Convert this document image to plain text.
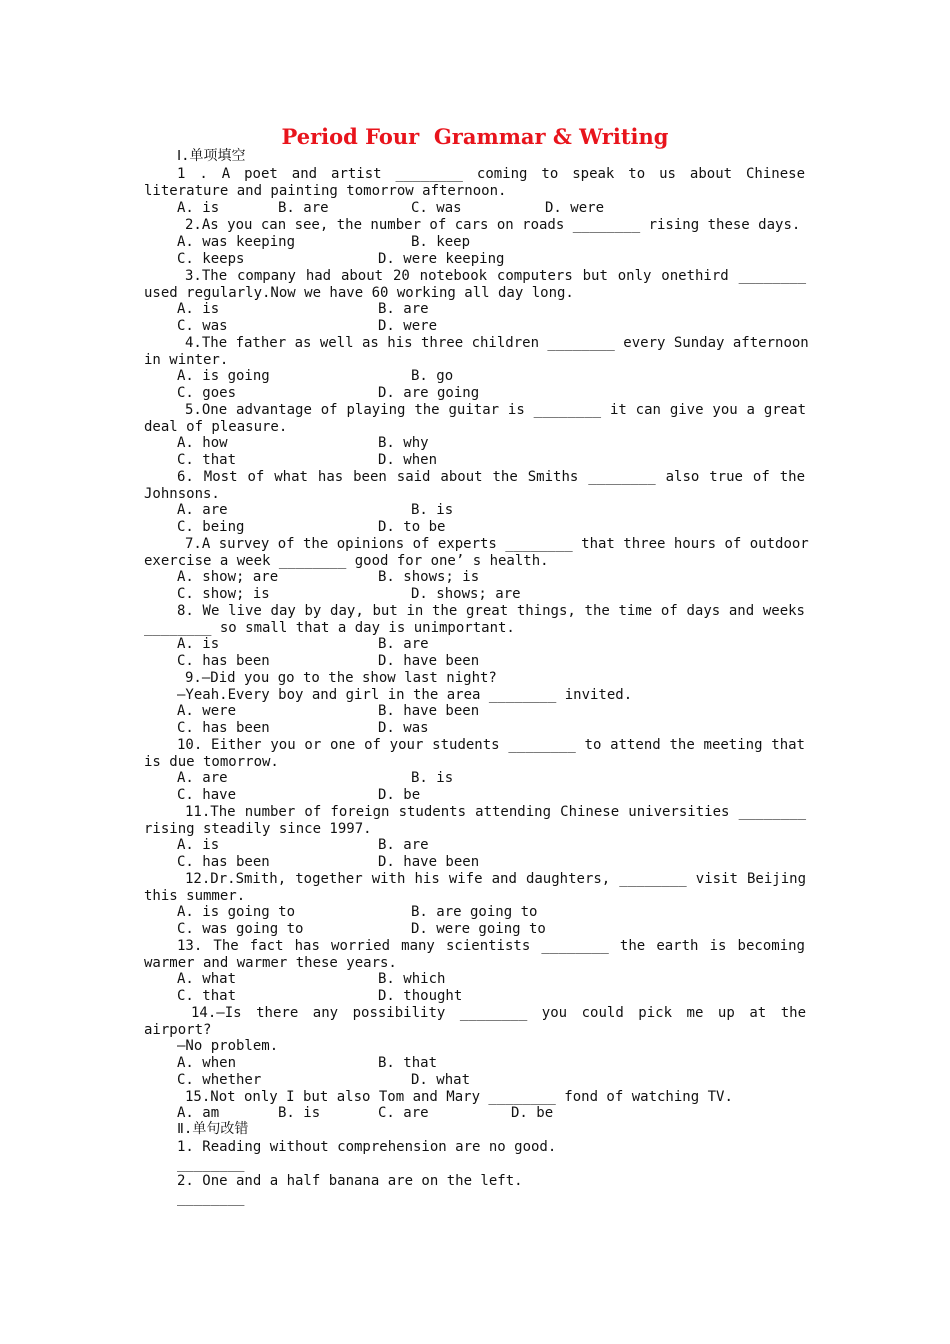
Period Four  Grammar & Writing
Ⅰ.单项填空
1 . A poet and artist ________ coming to speak to us about Chinese
literature and painting tomorrow afternoon.
A. is	B. are	C. was	D. were
2.As you can see, the number of cars on roads ________ rising these days.
A. was keeping	B. keep
C. keeps	D. were keeping
3.The company had about 20 notebook computers but only onethird ________
used regularly.Now we have 60 working all day long.
A. is	B. are
C. was	D. were
4.The father as well as his three children ________ every Sunday afternoon
in winter.
A. is going	B. go
C. goes	D. are going
5.One advantage of playing the guitar is ________ it can give you a great
deal of pleasure.
A. how	B. why
C. that	D. when
6. Most of what has been said about the Smiths ________ also true of the
Johnsons.
A. are	B. is
C. being	D. to be
7.A survey of the opinions of experts ________ that three hours of outdoor
exercise a week ________ good for one’ s health.
A. show; are	B. shows; is
C. show; is	D. shows; are
8. We live day by day, but in the great things, the time of days and weeks
________ so small that a day is unimportant.
A. is	B. are
C. has been	D. have been
9.—Did you go to the show last night?
—Yeah.Every boy and girl in the area ________ invited.
A. were	B. have been
C. has been	D. was
10. Either you or one of your students ________ to attend the meeting that
is due tomorrow.
A. are	B. is
C. have	D. be
11.The number of foreign students attending Chinese universities ________
rising steadily since 1997.
A. is	B. are
C. has been	D. have been
12.Dr.Smith, together with his wife and daughters, ________ visit Beijing
this summer.
A. is going to	B. are going to
C. was going to	D. were going to
13. The fact has worried many scientists ________ the earth is becoming
warmer and warmer these years.
A. what	B. which
C. that	D. thought
14.—Is there any possibility ________ you could pick me up at the
airport?
—No problem.
A. when	B. that
C. whether	D. what
15.Not only I but also Tom and Mary ________ fond of watching TV.
A. am	B. is	C. are	D. be
Ⅱ.单句改错
1. Reading without comprehension are no good.
________
2. One and a half banana are on the left.
________
